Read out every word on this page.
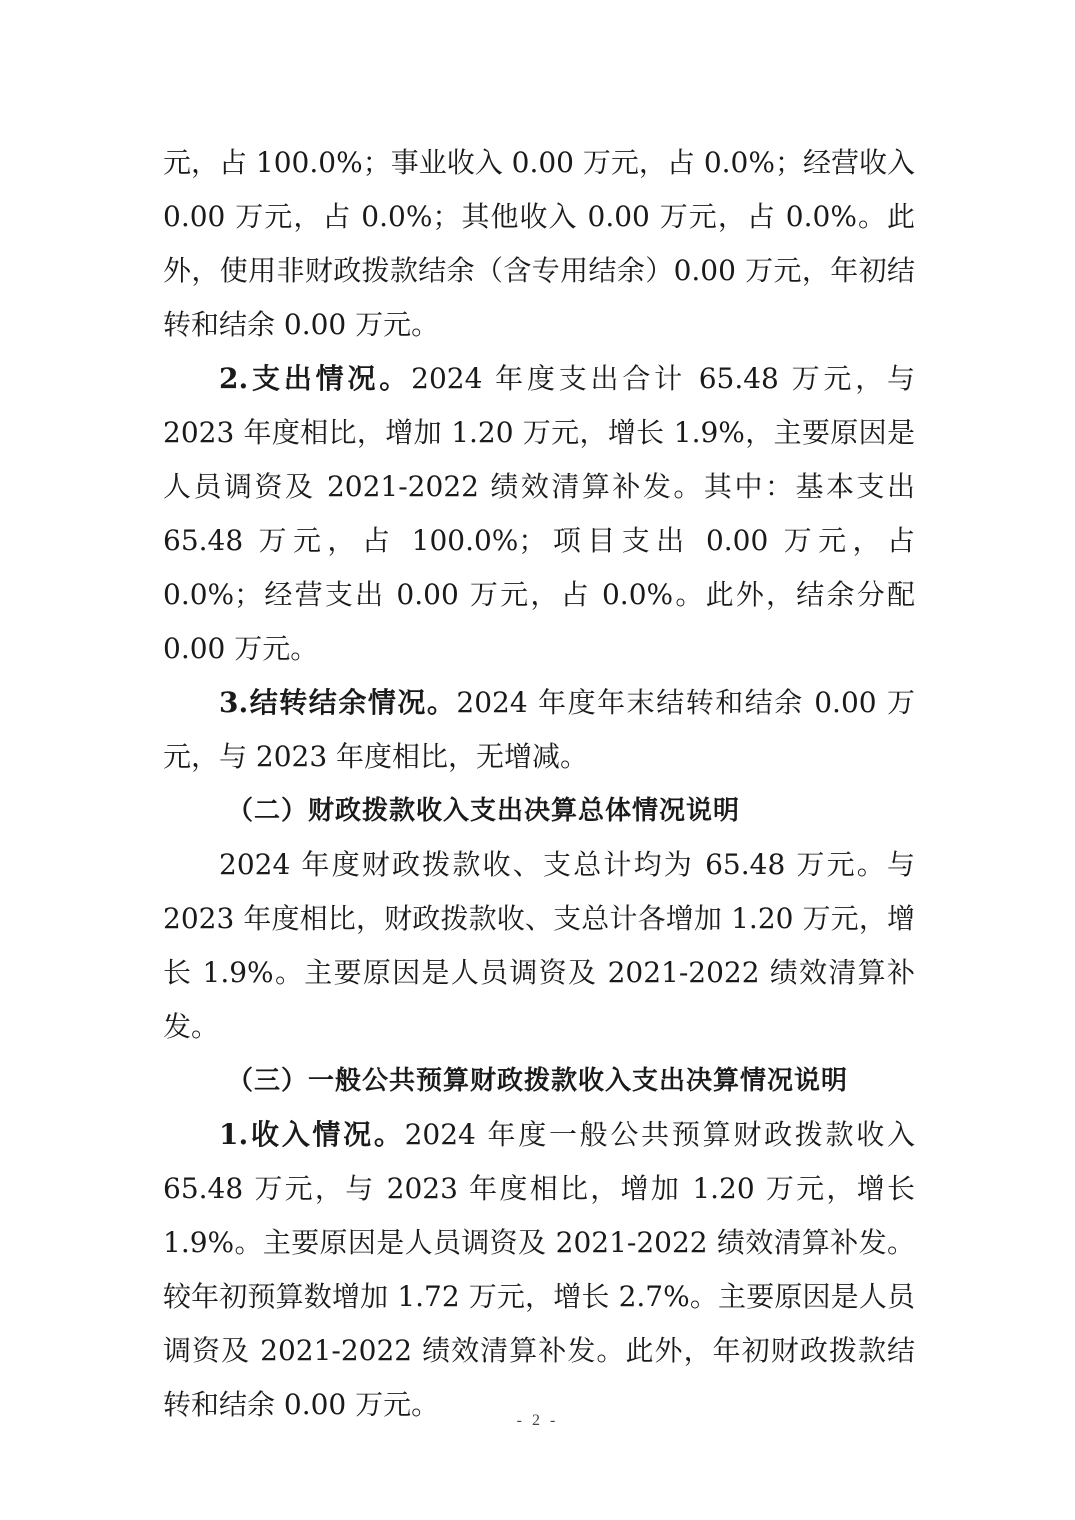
元，占 100.0%；事业收入 0.00 万元，占 0.0%；经营收入 0.00 万元，占 0.0%；其他收入 0.00 万元，占 0.0%。此外，使用非财政拨款结余（含专用结余）0.00 万元，年初结转和结余 0.00 万元。

2.支出情况。2024 年度支出合计 65.48 万元，与 2023 年度相比，增加 1.20 万元，增长 1.9%，主要原因是人员调资及 2021-2022 绩效清算补发。其中：基本支出 65.48 万元，占 100.0%；项目支出 0.00 万元，占 0.0%；经营支出 0.00 万元，占 0.0%。此外，结余分配 0.00 万元。

3.结转结余情况。2024 年度年末结转和结余 0.00 万元，与 2023 年度相比，无增减。

（二）财政拨款收入支出决算总体情况说明

2024 年度财政拨款收、支总计均为 65.48 万元。与 2023 年度相比，财政拨款收、支总计各增加 1.20 万元，增长 1.9%。主要原因是人员调资及 2021-2022 绩效清算补发。

（三）一般公共预算财政拨款收入支出决算情况说明

1.收入情况。2024 年度一般公共预算财政拨款收入 65.48 万元，与 2023 年度相比，增加 1.20 万元，增长 1.9%。主要原因是人员调资及 2021-2022 绩效清算补发。较年初预算数增加 1.72 万元，增长 2.7%。主要原因是人员调资及 2021-2022 绩效清算补发。此外，年初财政拨款结转和结余 0.00 万元。	- 2 -
